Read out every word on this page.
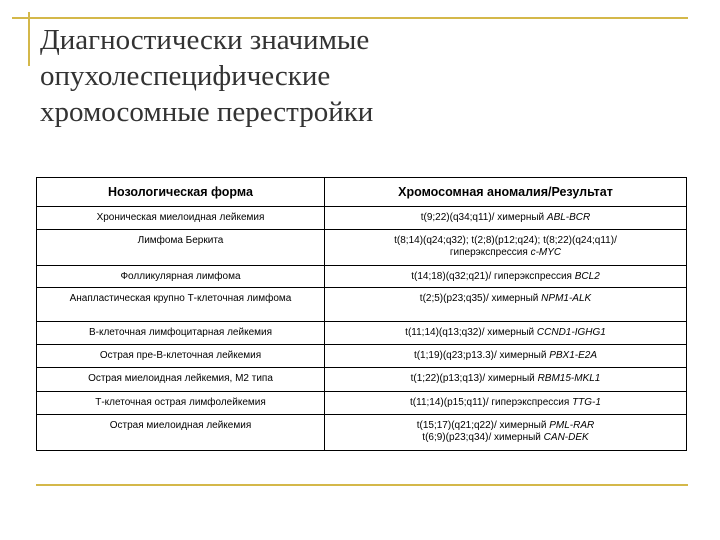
Диагностически значимые
опухолеспецифические
хромосомные перестройки
Нозологическая форма	Хромосомная аномалия/Результат
Хроническая миелоидная лейкемия	t(9;22)(q34;q11)/ химерный ABL-BCR

Лимфома Беркита	t(8;14)(q24;q32); t(2;8)(p12;q24); t(8;22)(q24;q11)/
гиперэкспрессия c-MYC

Фолликулярная лимфома	t(14;18)(q32;q21)/ гиперэкспрессия BCL2

Анапластическая крупно Т-клеточная лимфома	t(2;5)(p23;q35)/ химерный NPM1-ALK

В-клеточная лимфоцитарная лейкемия	t(11;14)(q13;q32)/ химерный CCND1-IGHG1

Острая пре-В-клеточная лейкемия	t(1;19)(q23;p13.3)/ химерный PBX1-E2A

Острая миелоидная лейкемия, М2 типа	t(1;22)(p13;q13)/ химерный RBM15-MKL1

Т-клеточная острая лимфолейкемия	t(11;14)(p15;q11)/ гиперэкспрессия TTG-1

Острая миелоидная лейкемия	t(15;17)(q21;q22)/ химерный PML-RAR
t(6;9)(p23;q34)/ химерный CAN-DEK
